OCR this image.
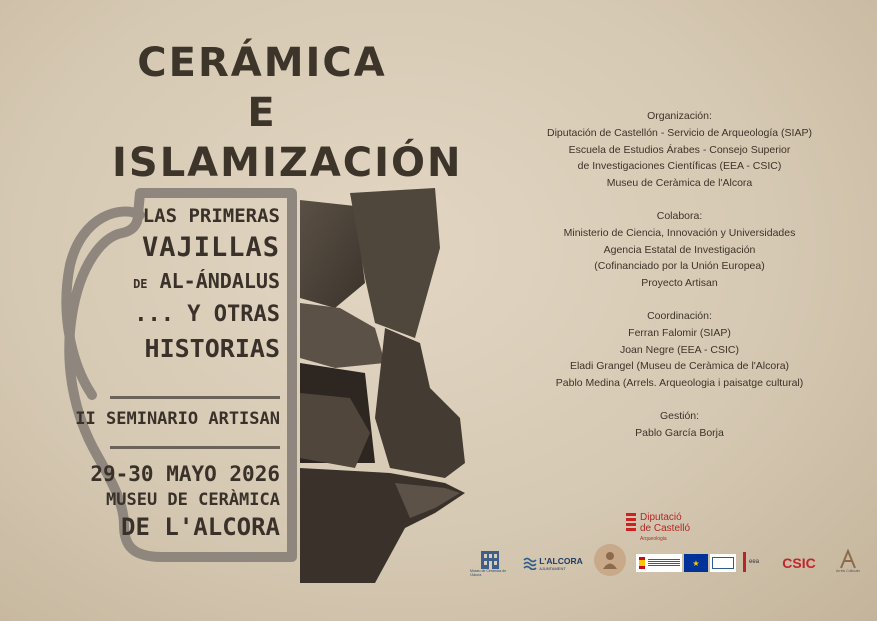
CERÁMICA
E ISLAMIZACIÓN
LAS PRIMERAS
VAJILLAS
DE AL-ÁNDALUS
... Y OTRAS
HISTORIAS
II SEMINARIO ARTISAN
29-30 MAYO 2026
MUSEU DE CERÀMICA
DE L'ALCORA
Organización:
Diputación de Castellón - Servicio de Arqueología (SIAP)
Escuela de Estudios Árabes - Consejo Superior
de Investigaciones Científicas (EEA - CSIC)
Museu de Ceràmica de l'Alcora
Colabora:
Ministerio de Ciencia, Innovación y Universidades
Agencia Estatal de Investigación
(Cofinanciado por la Unión Europea)
Proyecto Artisan
Coordinación:
Ferran Falomir (SIAP)
Joan Negre (EEA - CSIC)
Eladi Grangel (Museu de Ceràmica de l'Alcora)
Pablo Medina (Arrels. Arqueologia i paisatge cultural)
Gestión:
Pablo García Borja
Diputació
de Castelló
Arqueologia
Museu de Ceràmica de l'Alcora
L'ALCORA
AJUNTAMENT
★	eea CSIC	Arrels Culturals
